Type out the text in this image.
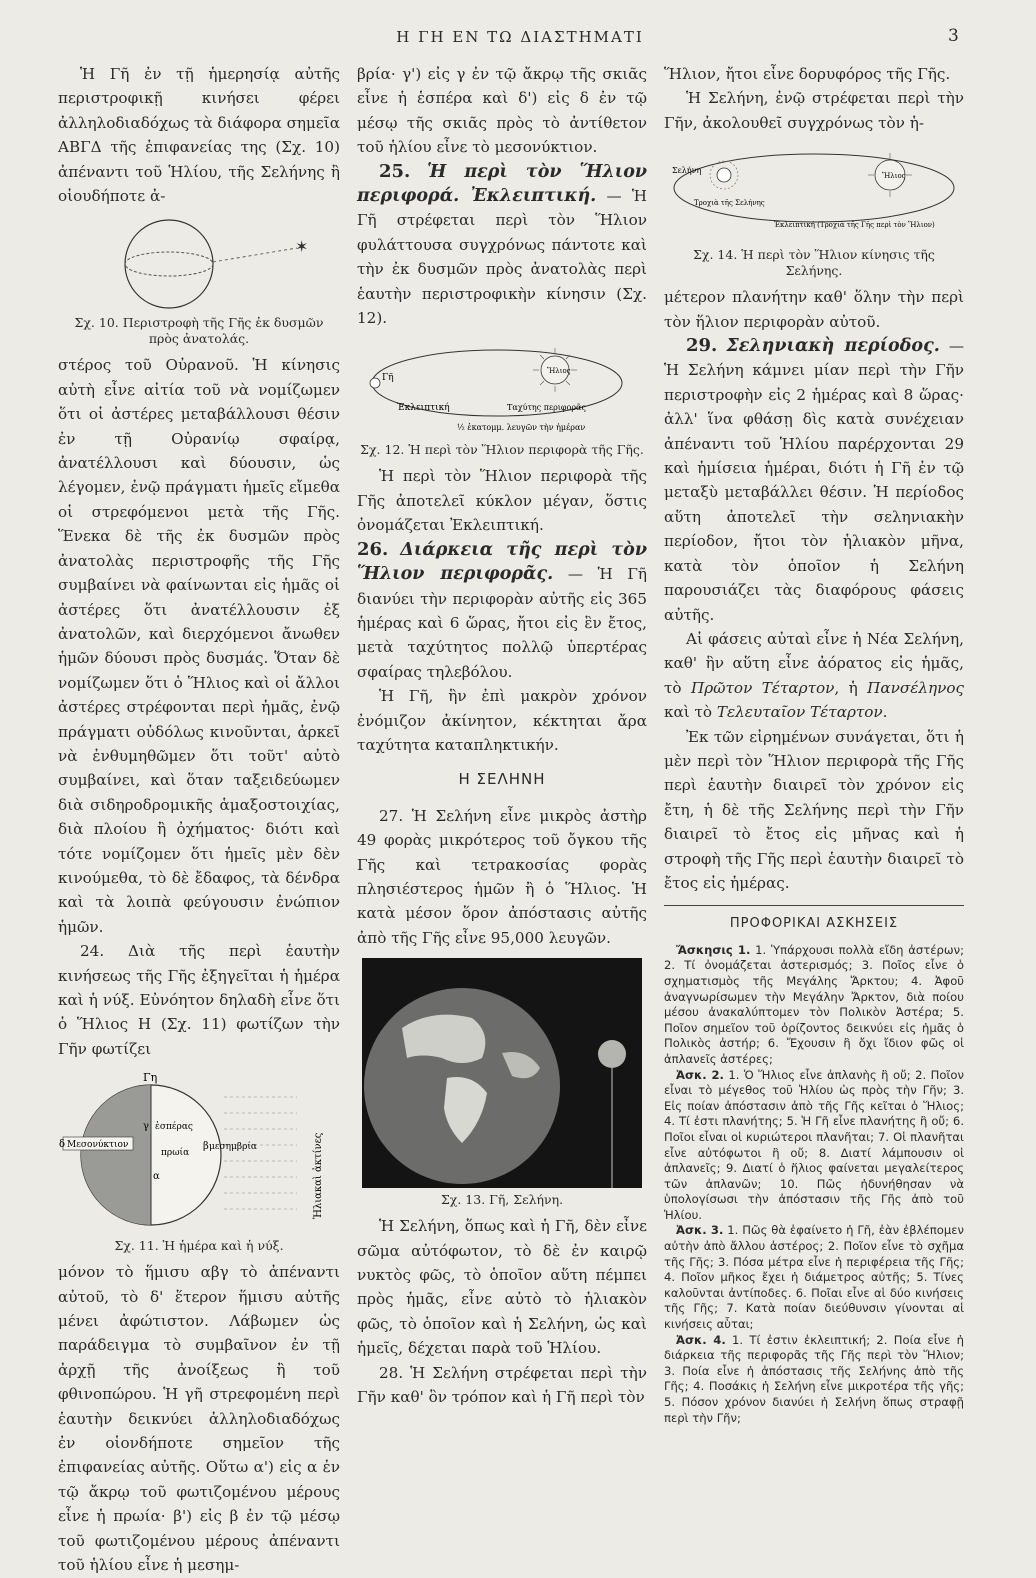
Η ΓΗ ΕΝ ΤΩ ΔΙΑΣΤΗΜΑΤΙ	3

Ἡ Γῆ ἐν τῇ ἡμερησίᾳ αὐτῆς περιστροφικῇ κινήσει φέρει ἀλληλοδιαδόχως τὰ διάφορα σημεῖα ΑΒΓΔ τῆς ἐπιφανείας της (Σχ. 10) ἀπέναντι τοῦ Ἡλίου, τῆς Σελήνης ἢ οἱουδήποτε ἀ-

✶
Σχ. 10. Περιστροφὴ τῆς Γῆς ἐκ δυσμῶν πρὸς ἀνατολάς.

στέρος τοῦ Οὐρανοῦ. Ἡ κίνησις αὐτὴ εἶνε αἰτία τοῦ νὰ νομίζωμεν ὅτι οἱ ἀστέρες μεταβάλλουσι θέσιν ἐν τῇ Οὐρανίῳ σφαίρᾳ, ἀνατέλλουσι καὶ δύουσιν, ὡς λέγομεν, ἐνῷ πράγματι ἡμεῖς εἴμεθα οἱ στρεφόμενοι μετὰ τῆς Γῆς. Ἕνεκα δὲ τῆς ἐκ δυσμῶν πρὸς ἀνατολὰς περιστροφῆς τῆς Γῆς συμβαίνει νὰ φαίνωνται εἰς ἡμᾶς οἱ ἀστέρες ὅτι ἀνατέλλουσιν ἐξ ἀνατολῶν, καὶ διερχόμενοι ἄνωθεν ἡμῶν δύουσι πρὸς δυσμάς. Ὅταν δὲ νομίζωμεν ὅτι ὁ Ἥλιος καὶ οἱ ἄλλοι ἀστέρες στρέφονται περὶ ἡμᾶς, ἐνῷ πράγματι οὐδόλως κινοῦνται, ἀρκεῖ νὰ ἐνθυμηθῶμεν ὅτι τοῦτ' αὐτὸ συμβαίνει, καὶ ὅταν ταξειδεύωμεν διὰ σιδηροδρομικῆς ἁμαξοστοιχίας, διὰ πλοίου ἢ ὀχήματος· διότι καὶ τότε νομίζομεν ὅτι ἡμεῖς μὲν δὲν κινούμεθα, τὸ δὲ ἔδαφος, τὰ δένδρα καὶ τὰ λοιπὰ φεύγουσιν ἐνώπιον ἡμῶν.

24. Διὰ τῆς περὶ ἑαυτὴν κινήσεως τῆς Γῆς ἐξηγεῖται ἡ ἡμέρα καὶ ἡ νύξ. Εὐνόητον δηλαδὴ εἶνε ὅτι ὁ Ἥλιος Η (Σχ. 11) φωτίζων τὴν Γῆν φωτίζει

Γη
Μεσονύκτιον
δ
ἑσπέρας
γ
πρωία
α
μεσημβρία
β	Ἡλιακαὶ ἀκτίνες
Σχ. 11. Ἡ ἡμέρα καὶ ἡ νύξ.

μόνον τὸ ἥμισυ αβγ τὸ ἀπέναντι αὐτοῦ, τὸ δ' ἕτερον ἥμισυ αὐτῆς μένει ἀφώτιστον. Λάβωμεν ὡς παράδειγμα τὸ συμβαῖνον ἐν τῇ ἀρχῇ τῆς ἀνοίξεως ἢ τοῦ φθινοπώρου. Ἡ γῆ στρεφομένη περὶ ἑαυτὴν δεικνύει ἀλληλοδιαδόχως ἐν οἱονδήποτε σημεῖον τῆς ἐπιφανείας αὐτῆς. Οὕτω α') εἰς α ἐν τῷ ἄκρῳ τοῦ φωτιζομένου μέρους εἶνε ἡ πρωία· β') εἰς β ἐν τῷ μέσῳ τοῦ φωτιζομένου μέρους ἀπέναντι τοῦ ἡλίου εἶνε ἡ μεσημ-

βρία· γ') εἰς γ ἐν τῷ ἄκρῳ τῆς σκιᾶς εἶνε ἡ ἑσπέρα καὶ δ') εἰς δ ἐν τῷ μέσῳ τῆς σκιᾶς πρὸς τὸ ἀντίθετον τοῦ ἡλίου εἶνε τὸ μεσονύκτιον.

25. Ἡ περὶ τὸν Ἥλιον περιφορά. Ἐκλειπτική. — Ἡ Γῆ στρέφεται περὶ τὸν Ἥλιον φυλάττουσα συγχρόνως πάντοτε καὶ τὴν ἐκ δυσμῶν πρὸς ἀνατολὰς περὶ ἑαυτὴν περιστροφικὴν κίνησιν (Σχ. 12).

Ἥλιος
Γῆ
Ἐκλειπτική	Ταχύτης περιφορᾶς
½ ἑκατομμ. λευγῶν τὴν ἡμέραν
Σχ. 12. Ἡ περὶ τὸν Ἥλιον περιφορὰ τῆς Γῆς.

Ἡ περὶ τὸν Ἥλιον περιφορὰ τῆς Γῆς ἀποτελεῖ κύκλον μέγαν, ὅστις ὀνομάζεται Ἐκλειπτική.

26. Διάρκεια τῆς περὶ τὸν Ἥλιον περιφορᾶς. — Ἡ Γῆ διανύει τὴν περιφορὰν αὐτῆς εἰς 365 ἡμέρας καὶ 6 ὥρας, ἤτοι εἰς ἓν ἔτος, μετὰ ταχύτητος πολλῷ ὑπερτέρας σφαίρας τηλεβόλου.

Ἡ Γῆ, ἣν ἐπὶ μακρὸν χρόνον ἐνόμιζον ἀκίνητον, κέκτηται ἄρα ταχύτητα καταπληκτικήν.

Η ΣΕΛΗΝΗ

27. Ἡ Σελήνη εἶνε μικρὸς ἀστὴρ 49 φορὰς μικρότερος τοῦ ὄγκου τῆς Γῆς καὶ τετρακοσίας φορὰς πλησιέστερος ἡμῶν ἢ ὁ Ἥλιος. Ἡ κατὰ μέσον ὅρον ἀπόστασις αὐτῆς ἀπὸ τῆς Γῆς εἶνε 95,000 λευγῶν.

Σχ. 13. Γῆ, Σελήνη.

Ἡ Σελήνη, ὅπως καὶ ἡ Γῆ, δὲν εἶνε σῶμα αὐτόφωτον, τὸ δὲ ἐν καιρῷ νυκτὸς φῶς, τὸ ὁποῖον αὕτη πέμπει πρὸς ἡμᾶς, εἶνε αὐτὸ τὸ ἡλιακὸν φῶς, τὸ ὁποῖον καὶ ἡ Σελήνη, ὡς καὶ ἡμεῖς, δέχεται παρὰ τοῦ Ἡλίου.

28. Ἡ Σελήνη στρέφεται περὶ τὴν Γῆν καθ' ὃν τρόπον καὶ ἡ Γῆ περὶ τὸν

Ἥλιον, ἤτοι εἶνε δορυφόρος τῆς Γῆς.

Ἡ Σελήνη, ἐνῷ στρέφεται περὶ τὴν Γῆν, ἀκολουθεῖ συγχρόνως τὸν ἡ-

Ἥλιος
Σελήνη
Τροχιὰ τῆς Σελήνης
Ἐκλειπτική (Τροχιὰ τῆς Γῆς περὶ τὸν Ἥλιον)
Σχ. 14. Ἡ περὶ τὸν Ἥλιον κίνησις τῆς Σελήνης.

μέτερον πλανήτην καθ' ὅλην τὴν περὶ τὸν ἥλιον περιφορὰν αὐτοῦ.

29. Σεληνιακὴ περίοδος. — Ἡ Σελήνη κάμνει μίαν περὶ τὴν Γῆν περιστροφὴν εἰς 2 ἡμέρας καὶ 8 ὥρας· ἀλλ' ἵνα φθάσῃ δὶς κατὰ συνέχειαν ἀπέναντι τοῦ Ἡλίου παρέρχονται 29 καὶ ἡμίσεια ἡμέραι, διότι ἡ Γῆ ἐν τῷ μεταξὺ μεταβάλλει θέσιν. Ἡ περίοδος αὕτη ἀποτελεῖ τὴν σεληνιακὴν περίοδον, ἤτοι τὸν ἡλιακὸν μῆνα, κατὰ τὸν ὁποῖον ἡ Σελήνη παρουσιάζει τὰς διαφόρους φάσεις αὐτῆς.

Αἱ φάσεις αὐταὶ εἶνε ἡ Νέα Σελήνη, καθ' ἣν αὕτη εἶνε ἀόρατος εἰς ἡμᾶς, τὸ Πρῶτον Τέταρτον, ἡ Πανσέληνος καὶ τὸ Τελευταῖον Τέταρτον.

Ἐκ τῶν εἰρημένων συνάγεται, ὅτι ἡ μὲν περὶ τὸν Ἥλιον περιφορὰ τῆς Γῆς περὶ ἑαυτὴν διαιρεῖ τὸν χρόνον εἰς ἔτη, ἡ δὲ τῆς Σελήνης περὶ τὴν Γῆν διαιρεῖ τὸ ἔτος εἰς μῆνας καὶ ἡ στροφὴ τῆς Γῆς περὶ ἑαυτὴν διαιρεῖ τὸ ἔτος εἰς ἡμέρας.

ΠΡΟΦΟΡΙΚΑΙ ΑΣΚΗΣΕΙΣ

Ἄσκησις 1. 1. Ὑπάρχουσι πολλὰ εἴδη ἀστέρων; 2. Τί ὀνομάζεται ἀστερισμός; 3. Ποῖος εἶνε ὁ σχηματισμὸς τῆς Μεγάλης Ἄρκτου; 4. Ἀφοῦ ἀναγνωρίσωμεν τὴν Μεγάλην Ἄρκτον, διὰ ποίου μέσου ἀνακαλύπτομεν τὸν Πολικὸν Ἀστέρα; 5. Ποῖον σημεῖον τοῦ ὁρίζοντος δεικνύει εἰς ἡμᾶς ὁ Πολικὸς ἀστήρ; 6. Ἔχουσιν ἢ ὄχι ἴδιον φῶς οἱ ἀπλανεῖς ἀστέρες;

Ἀσκ. 2. 1. Ὁ Ἥλιος εἶνε ἀπλανὴς ἢ οὔ; 2. Ποῖον εἶναι τὸ μέγεθος τοῦ Ἡλίου ὡς πρὸς τὴν Γῆν; 3. Εἰς ποίαν ἀπόστασιν ἀπὸ τῆς Γῆς κεῖται ὁ Ἥλιος; 4. Τί ἐστι πλανήτης; 5. Ἡ Γῆ εἶνε πλανήτης ἢ οὔ; 6. Ποῖοι εἶναι οἱ κυριώτεροι πλανῆται; 7. Οἱ πλανῆται εἶνε αὐτόφωτοι ἢ οὔ; 8. Διατί λάμπουσιν οἱ ἀπλανεῖς; 9. Διατί ὁ ἥλιος φαίνεται μεγαλείτερος τῶν ἀπλανῶν; 10. Πῶς ἠδυνήθησαν νὰ ὑπολογίσωσι τὴν ἀπόστασιν τῆς Γῆς ἀπὸ τοῦ Ἡλίου.

Ἀσκ. 3. 1. Πῶς θὰ ἐφαίνετο ἡ Γῆ, ἐὰν ἐβλέπομεν αὐτὴν ἀπὸ ἄλλου ἀστέρος; 2. Ποῖον εἶνε τὸ σχῆμα τῆς Γῆς; 3. Πόσα μέτρα εἶνε ἡ περιφέρεια τῆς Γῆς; 4. Ποῖον μῆκος ἔχει ἡ διάμετρος αὐτῆς; 5. Τίνες καλοῦνται ἀντίποδες. 6. Ποῖαι εἶνε αἱ δύο κινήσεις τῆς Γῆς; 7. Κατὰ ποίαν διεύθυνσιν γίνονται αἱ κινήσεις αὗται;

Ἀσκ. 4. 1. Τί ἐστιν ἐκλειπτική; 2. Ποία εἶνε ἡ διάρκεια τῆς περιφορᾶς τῆς Γῆς περὶ τὸν Ἥλιον; 3. Ποία εἶνε ἡ ἀπόστασις τῆς Σελήνης ἀπὸ τῆς Γῆς; 4. Ποσάκις ἡ Σελήνη εἶνε μικροτέρα τῆς γῆς; 5. Πόσον χρόνον διανύει ἡ Σελήνη ὅπως στραφῇ περὶ τὴν Γῆν;
